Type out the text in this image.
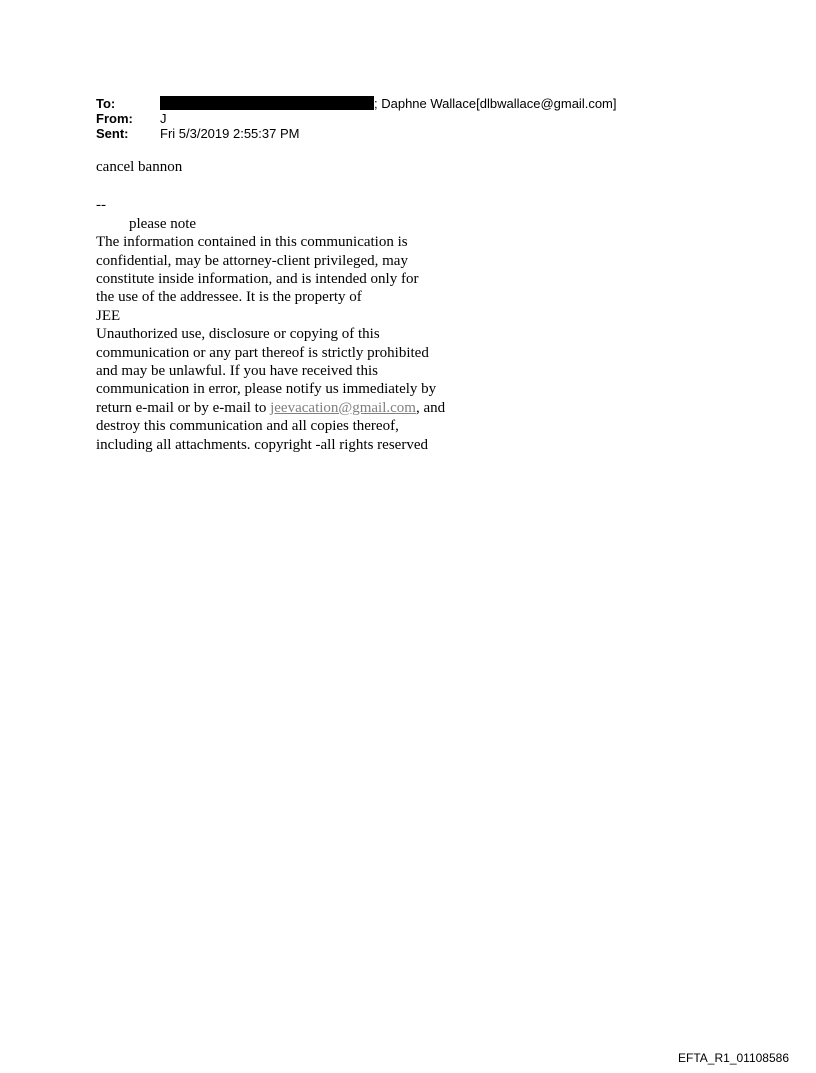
To:	; Daphne Wallace[dlbwallace@gmail.com]
From: J
Sent: Fri 5/3/2019 2:55:37 PM

cancel bannon

--

please note

The information contained in this communication is
confidential, may be attorney-client privileged, may
constitute inside information, and is intended only for
the use of the addressee. It is the property of
JEE
Unauthorized use, disclosure or copying of this
communication or any part thereof is strictly prohibited
and may be unlawful. If you have received this
communication in error, please notify us immediately by
return e-mail or by e-mail to jeevacation@gmail.com, and
destroy this communication and all copies thereof,
including all attachments. copyright -all rights reserved

EFTA_R1_01108586
